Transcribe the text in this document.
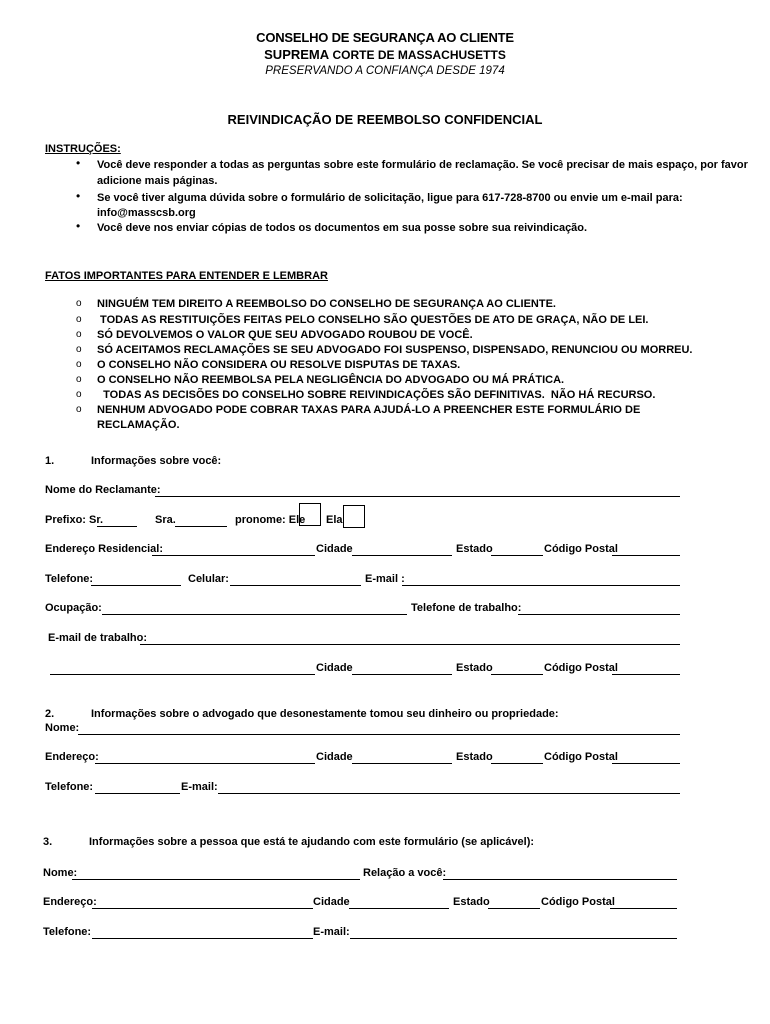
CONSELHO DE SEGURANÇA AO CLIENTE
SUPREMA CORTE DE MASSACHUSETTS
PRESERVANDO A CONFIANÇA DESDE 1974
REIVINDICAÇÃO DE REEMBOLSO CONFIDENCIAL
INSTRUÇÕES:
• Você deve responder a todas as perguntas sobre este formulário de reclamação. Se você precisar de mais espaço, por favor
adicione mais páginas.
• Se você tiver alguma dúvida sobre o formulário de solicitação, ligue para 617-728-8700 ou envie um e-mail para:
info@masscsb.org
• Você deve nos enviar cópias de todos os documentos em sua posse sobre sua reivindicação.
FATOS IMPORTANTES PARA ENTENDER E LEMBRAR
o NINGUÉM TEM DIREITO A REEMBOLSO DO CONSELHO DE SEGURANÇA AO CLIENTE.
o TODAS AS RESTITUIÇÕES FEITAS PELO CONSELHO SÃO QUESTÕES DE ATO DE GRAÇA, NÃO DE LEI.
o SÓ DEVOLVEMOS O VALOR QUE SEU ADVOGADO ROUBOU DE VOCÊ.
o SÓ ACEITAMOS RECLAMAÇÕES SE SEU ADVOGADO FOI SUSPENSO, DISPENSADO, RENUNCIOU OU MORREU.
o O CONSELHO NÃO CONSIDERA OU RESOLVE DISPUTAS DE TAXAS.
o O CONSELHO NÃO REEMBOLSA PELA NEGLIGÊNCIA DO ADVOGADO OU MÁ PRÁTICA.
o TODAS AS DECISÕES DO CONSELHO SOBRE REIVINDICAÇÕES SÃO DEFINITIVAS.  NÃO HÁ RECURSO.
o NENHUM ADVOGADO PODE COBRAR TAXAS PARA AJUDÁ-LO A PREENCHER ESTE FORMULÁRIO DE
RECLAMAÇÃO.
1.	Informações sobre você:
Nome do Reclamante:
Prefixo: Sr.	Sra.	pronome: Ele Ela
Endereço Residencial:	Cidade	Estado	Código Postal
Telefone:	Celular:	E-mail :
Ocupação:	Telefone de trabalho:
E-mail de trabalho:
Cidade	Estado	Código Postal
2.	Informações sobre o advogado que desonestamente tomou seu dinheiro ou propriedade:
Nome:
Endereço:	Cidade	Estado	Código Postal
Telefone:	E-mail:
3.	Informações sobre a pessoa que está te ajudando com este formulário (se aplicável):
Nome:	Relação a você:
Endereço:	Cidade	Estado	Código Postal
Telefone:	E-mail:
